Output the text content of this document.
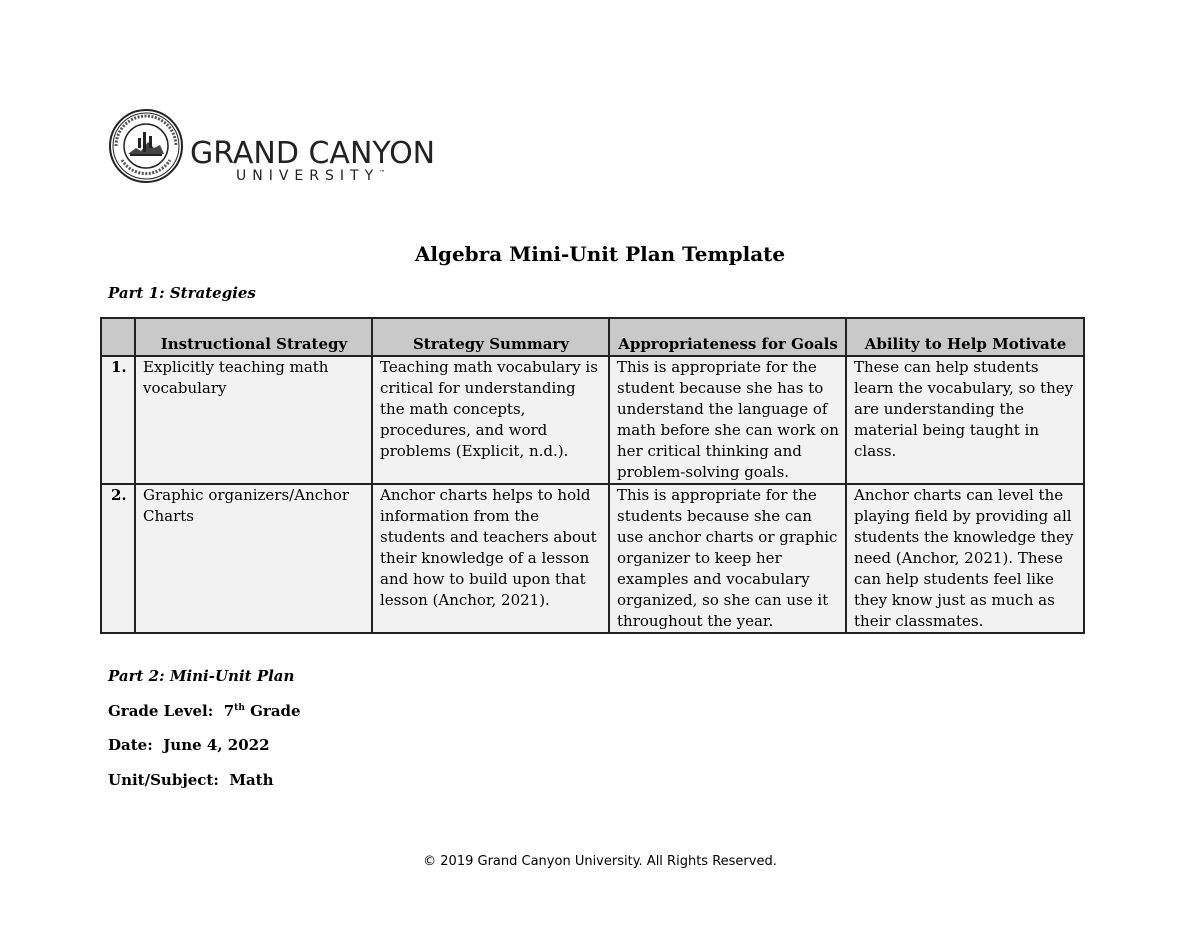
GRAND CANYON
UNIVERSITY™
Algebra Mini-Unit Plan Template
Part 1: Strategies
	Instructional Strategy	Strategy Summary	Appropriateness for Goals	Ability to Help Motivate
1.	Explicitly teaching math vocabulary	Teaching math vocabulary is critical for understanding the math concepts, procedures, and word problems (Explicit, n.d.).	This is appropriate for the student because she has to understand the language of math before she can work on her critical thinking and problem-solving goals.	These can help students learn the vocabulary, so they are understanding the material being taught in class.
2.	Graphic organizers/Anchor Charts	Anchor charts helps to hold information from the students and teachers about their knowledge of a lesson and how to build upon that lesson (Anchor, 2021).	This is appropriate for the students because she can use anchor charts or graphic organizer to keep her examples and vocabulary organized, so she can use it throughout the year.	Anchor charts can level the playing field by providing all students the knowledge they need (Anchor, 2021). These can help students feel like they know just as much as their classmates.
Part 2: Mini-Unit Plan
Grade Level: 7th Grade
Date: June 4, 2022
Unit/Subject: Math
© 2019 Grand Canyon University. All Rights Reserved.
